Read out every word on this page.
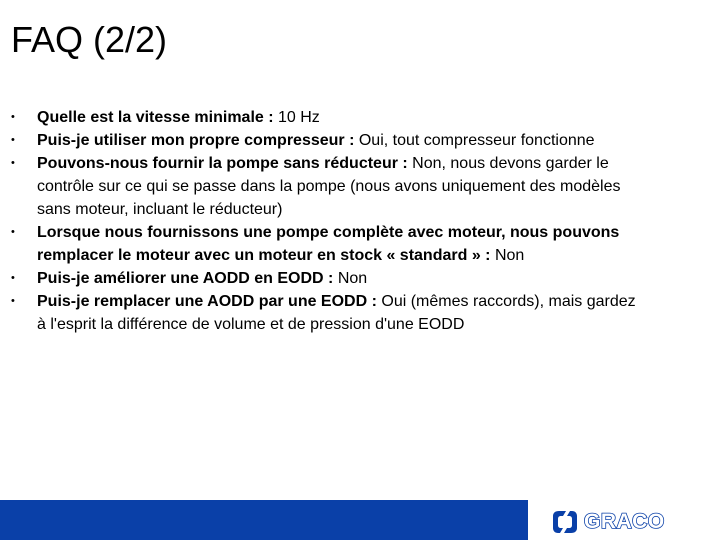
FAQ (2/2)
• Quelle est la vitesse minimale : 10 Hz
• Puis-je utiliser mon propre compresseur : Oui, tout compresseur fonctionne
• Pouvons-nous fournir la pompe sans réducteur : Non, nous devons garder le contrôle sur ce qui se passe dans la pompe (nous avons uniquement des modèles sans moteur, incluant le réducteur)
• Lorsque nous fournissons une pompe complète avec moteur, nous pouvons remplacer le moteur avec un moteur en stock « standard » : Non
• Puis-je améliorer une AODD en EODD : Non
• Puis-je remplacer une AODD par une EODD : Oui (mêmes raccords), mais gardez à l'esprit la différence de volume et de pression d'une EODD
GRACO
